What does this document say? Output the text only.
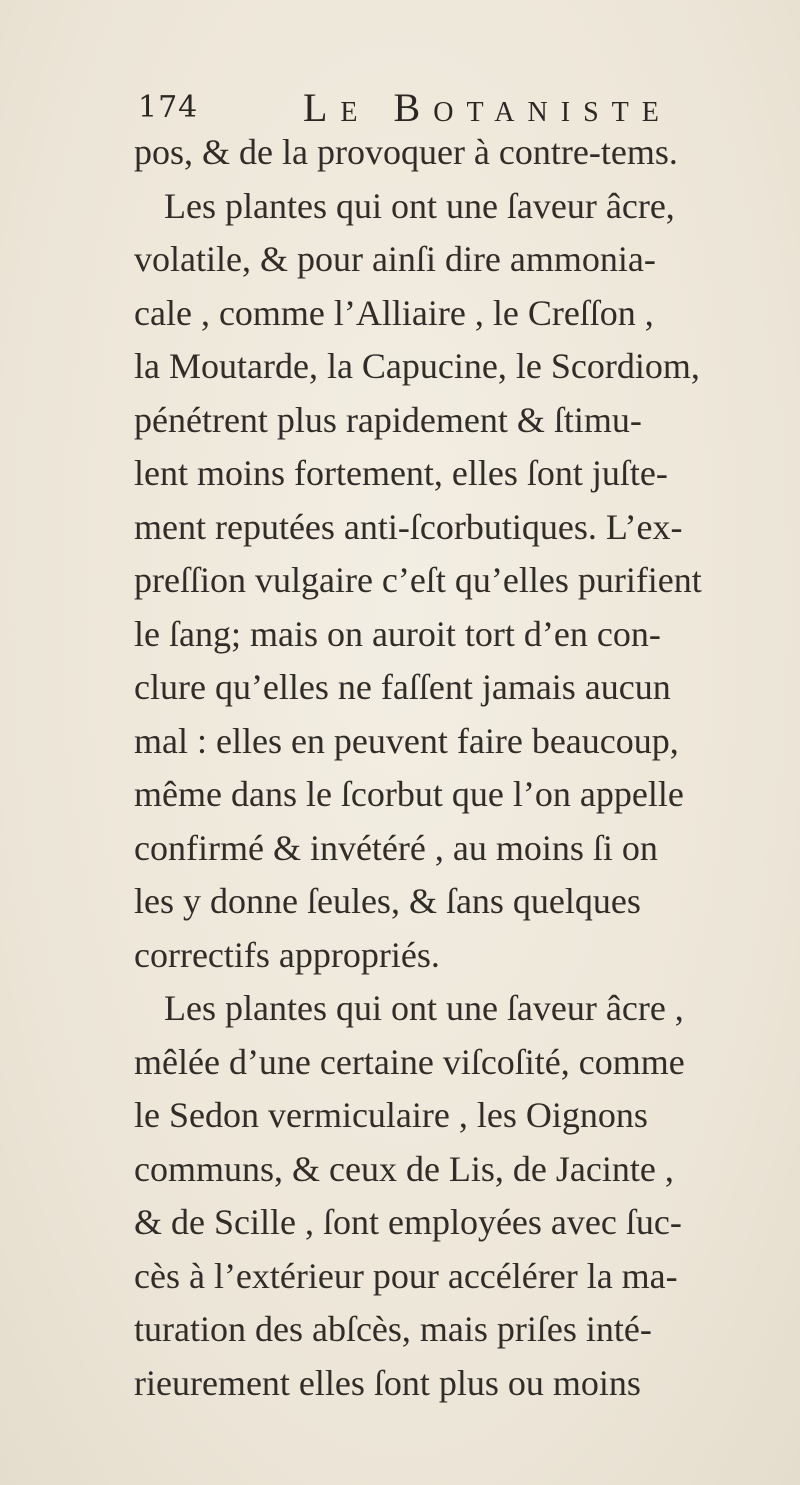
174	Le Botaniste
pos, & de la provoquer à contre-tems.
Les plantes qui ont une ſaveur âcre,
volatile, & pour ainſi dire ammonia-
cale , comme l’Alliaire , le Creſſon ,
la Moutarde, la Capucine, le Scordiom,
pénétrent plus rapidement & ſtimu-
lent moins fortement, elles ſont juſte-
ment reputées anti-ſcorbutiques. L’ex-
preſſion vulgaire c’eſt qu’elles purifient
le ſang; mais on auroit tort d’en con-
clure qu’elles ne faſſent jamais aucun
mal : elles en peuvent faire beaucoup,
même dans le ſcorbut que l’on appelle
confirmé & invétéré , au moins ſi on
les y donne ſeules, & ſans quelques
correctifs appropriés.
Les plantes qui ont une ſaveur âcre ,
mêlée d’une certaine viſcoſité, comme
le Sedon vermiculaire , les Oignons
communs, & ceux de Lis, de Jacinte ,
& de Scille , ſont employées avec ſuc-
cès à l’extérieur pour accélérer la ma-
turation des abſcès, mais priſes inté-
rieurement elles ſont plus ou moins
